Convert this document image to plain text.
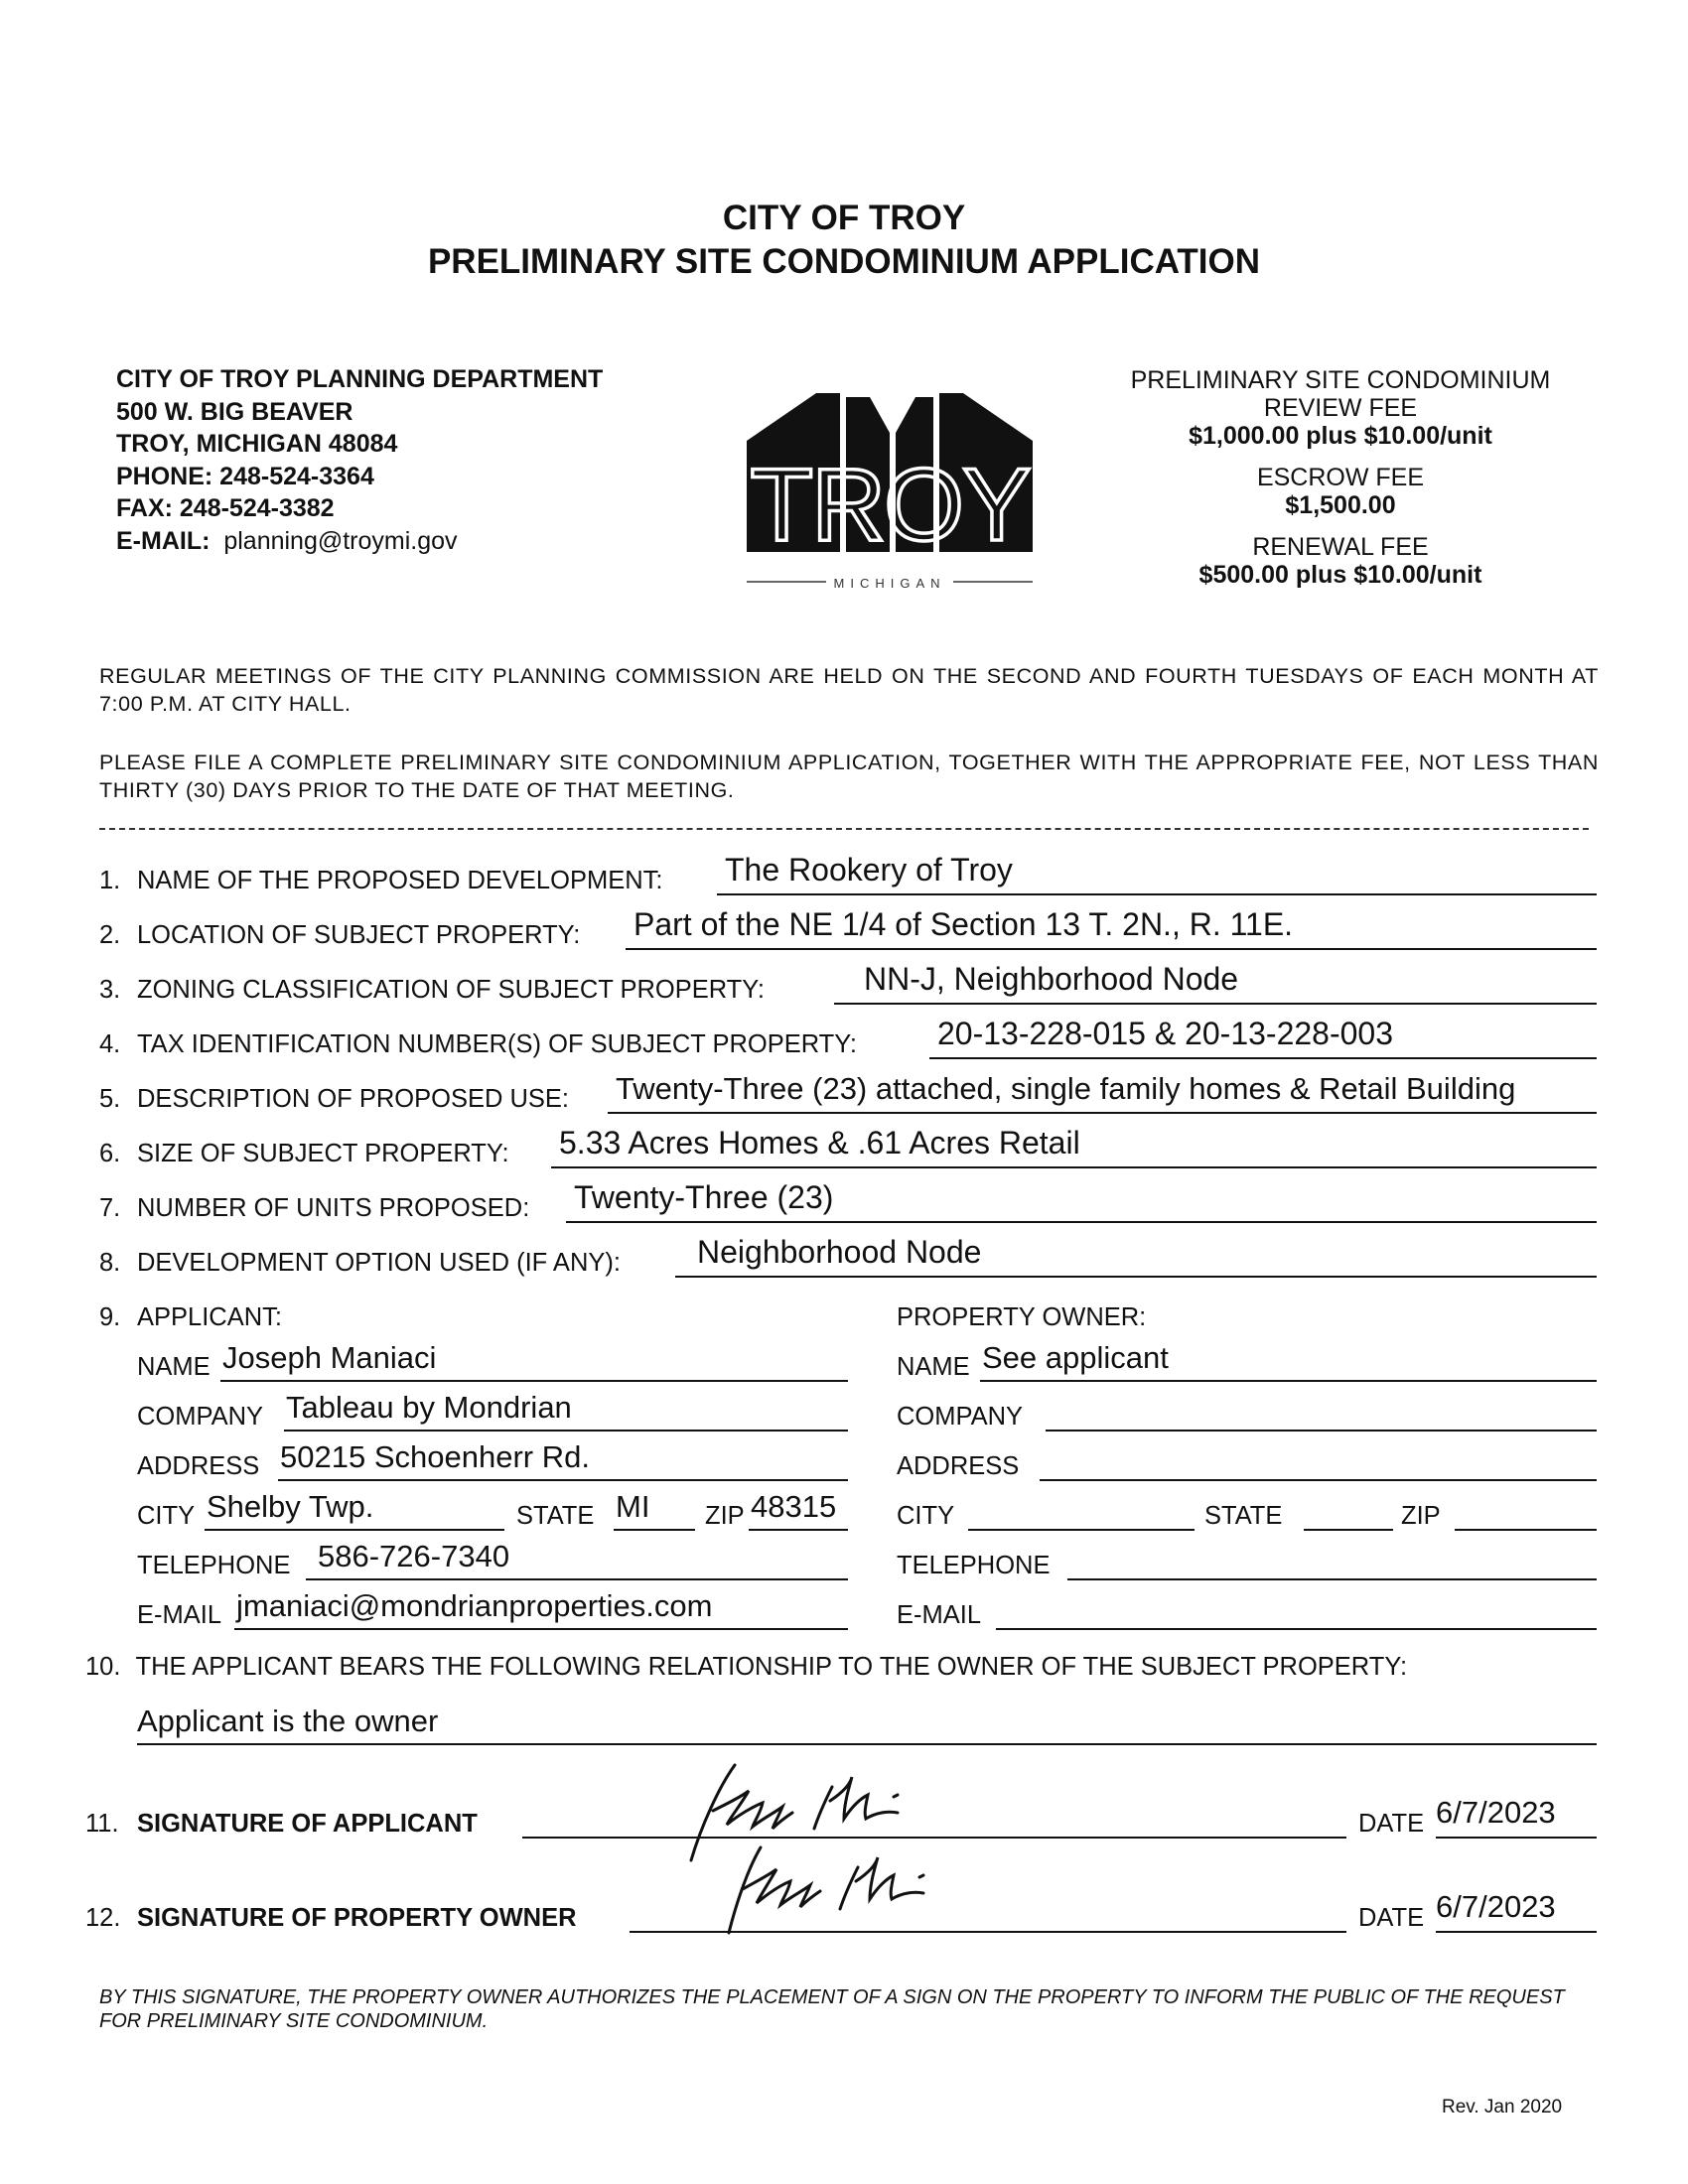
CITY OF TROY
PRELIMINARY SITE CONDOMINIUM APPLICATION
CITY OF TROY PLANNING DEPARTMENT
500 W. BIG BEAVER
TROY, MICHIGAN 48084
PHONE: 248-524-3364
FAX: 248-524-3382
E-MAIL: planning@troymi.gov	TROY
MICHIGAN
PRELIMINARY SITE CONDOMINIUM
REVIEW FEE
$1,000.00 plus $10.00/unit
ESCROW FEE
$1,500.00
RENEWAL FEE
$500.00 plus $10.00/unit
REGULAR MEETINGS OF THE CITY PLANNING COMMISSION ARE HELD ON THE SECOND AND FOURTH TUESDAYS OF EACH MONTH AT 7:00 P.M. AT CITY HALL.
PLEASE FILE A COMPLETE PRELIMINARY SITE CONDOMINIUM APPLICATION, TOGETHER WITH THE APPROPRIATE FEE, NOT LESS THAN THIRTY (30) DAYS PRIOR TO THE DATE OF THAT MEETING.
1. NAME OF THE PROPOSED DEVELOPMENT: The Rookery of Troy
2. LOCATION OF SUBJECT PROPERTY: Part of the NE 1/4 of Section 13 T. 2N., R. 11E.
3. ZONING CLASSIFICATION OF SUBJECT PROPERTY:	NN-J, Neighborhood Node
4. TAX IDENTIFICATION NUMBER(S) OF SUBJECT PROPERTY:	20-13-228-015 & 20-13-228-003
5. DESCRIPTION OF PROPOSED USE: Twenty-Three (23) attached, single family homes & Retail Building
6. SIZE OF SUBJECT PROPERTY: 5.33 Acres Homes & .61 Acres Retail
7. NUMBER OF UNITS PROPOSED: Twenty-Three (23)
8. DEVELOPMENT OPTION USED (IF ANY): Neighborhood Node
9. APPLICANT:	PROPERTY OWNER:
NAME Joseph Maniaci
COMPANY Tableau by Mondrian
ADDRESS 50215 Schoenherr Rd.
CITY Shelby Twp.	STATE MI ZIP 48315
TELEPHONE 586-726-7340
E-MAIL jmaniaci@mondrianproperties.com
NAME See applicant
COMPANY
ADDRESS
CITY	STATE	ZIP
TELEPHONE
E-MAIL
10. THE APPLICANT BEARS THE FOLLOWING RELATIONSHIP TO THE OWNER OF THE SUBJECT PROPERTY:
Applicant is the owner
11. SIGNATURE OF APPLICANT	DATE 6/7/2023
12. SIGNATURE OF PROPERTY OWNER	DATE 6/7/2023
BY THIS SIGNATURE, THE PROPERTY OWNER AUTHORIZES THE PLACEMENT OF A SIGN ON THE PROPERTY TO INFORM THE PUBLIC OF THE REQUEST FOR PRELIMINARY SITE CONDOMINIUM.
Rev. Jan 2020
